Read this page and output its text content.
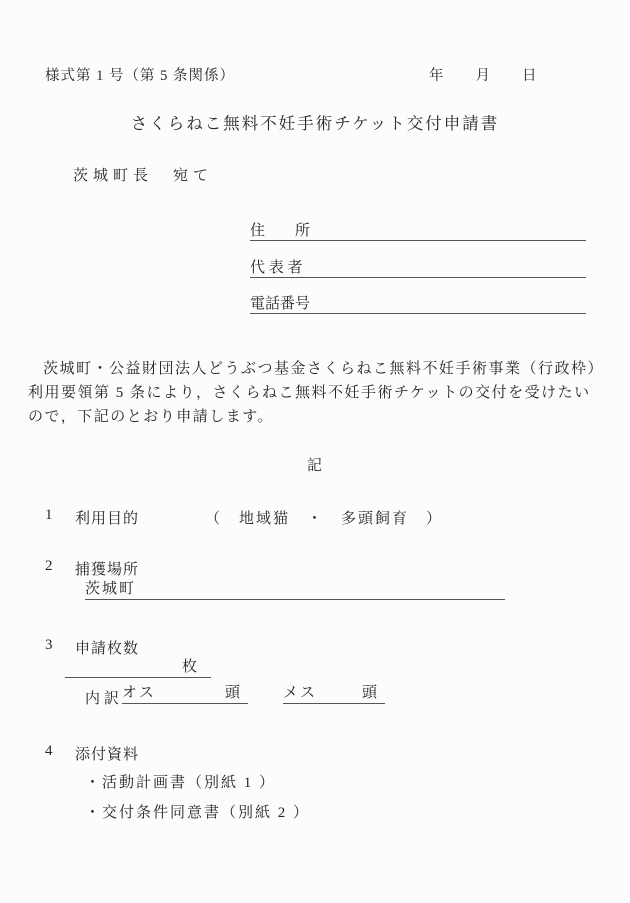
様式第 1 号（第 5 条関係）	年　　月　　日
さくらねこ無料不妊手術チケット交付申請書
茨城町長　宛て
住　　所
代 表 者
電話番号
茨城町・公益財団法人どうぶつ基金さくらねこ無料不妊手術事業（行政枠）
利用要領第 5 条により，さくらねこ無料不妊手術チケットの交付を受けたい
ので，下記のとおり申請します。
記
1 利用目的	（　地域猫　・　多頭飼育　）
2 捕獲場所
茨城町
3 申請枚数
枚
内訳
オス	頭	メス	頭
4 添付資料
・活動計画書（別紙 1 ）
・交付条件同意書（別紙 2 ）
